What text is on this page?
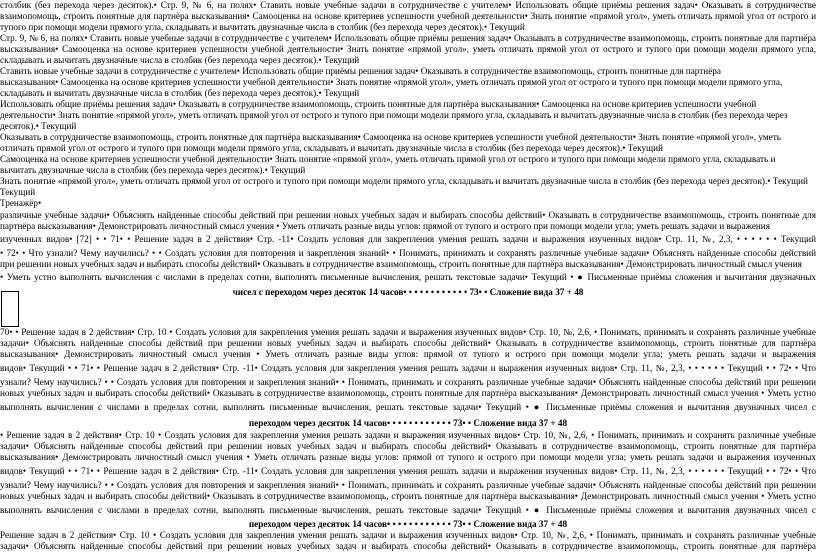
столбик (без перехода через десяток).• Стр. 9, № 6, на полях• Ставить новые учебные задачи в сотрудничестве с учителем• Использовать общие приёмы решения задач• Оказывать в сотрудничестве
взаимопомощь, строить понятные для партнёра высказывания• Самооценка на основе критериев успешности учебной деятельности• Знать понятие «прямой угол», уметь отличать прямой угол от острого и
тупого при помощи модели прямого угла, складывать и вычитать двузначные числа в столбик (без перехода через десяток).• Текущий
Стр. 9, № 6, на полях• Ставить новые учебные задачи в сотрудничестве с учителем• Использовать общие приёмы решения задач• Оказывать в сотрудничестве взаимопомощь, строить понятные для партнёра
высказывания• Самооценка на основе критериев успешности учебной деятельности• Знать понятие «прямой угол», уметь отличать прямой угол от острого и тупого при помощи модели прямого угла,
складывать и вычитать двузначные числа в столбик (без перехода через десяток).• Текущий
Ставить новые учебные задачи в сотрудничестве с учителем• Использовать общие приёмы решения задач• Оказывать в сотрудничестве взаимопомощь, строить понятные для партнёра
высказывания• Самооценка на основе критериев успешности учебной деятельности• Знать понятие «прямой угол», уметь отличать прямой угол от острого и тупого при помощи модели прямого угла,
складывать и вычитать двузначные числа в столбик (без перехода через десяток).• Текущий
Использовать общие приёмы решения задач• Оказывать в сотрудничестве взаимопомощь, строить понятные для партнёра высказывания• Самооценка на основе критериев успешности учебной
деятельности• Знать понятие «прямой угол», уметь отличать прямой угол от острого и тупого при помощи модели прямого угла, складывать и вычитать двузначные числа в столбик (без перехода через
десяток).• Текущий
Оказывать в сотрудничестве взаимопомощь, строить понятные для партнёра высказывания• Самооценка на основе критериев успешности учебной деятельности• Знать понятие «прямой угол», уметь
отличать прямой угол от острого и тупого при помощи модели прямого угла, складывать и вычитать двузначные числа в столбик (без перехода через десяток).• Текущий
Самооценка на основе критериев успешности учебной деятельности• Знать понятие «прямой угол», уметь отличать прямой угол от острого и тупого при помощи модели прямого угла, складывать и
вычитать двузначные числа в столбик (без перехода через десяток).• Текущий
Знать понятие «прямой угол», уметь отличать прямой угол от острого и тупого при помощи модели прямого угла, складывать и вычитать двузначные числа в столбик (без перехода через десяток).• Текущий
Текущий
Тренажёр•
различные учебные задачи• Объяснять найденные способы действий при решении новых учебных задач и выбирать способы действий• Оказывать в сотрудничестве взаимопомощь, строить понятные для
партнёра высказывания• Демонстрировать личностный смысл учения • Уметь отличать разные виды углов: прямой от тупого и острого при помощи модели угла; уметь решать задачи и выражения
изученных видов• [72] • • 71• • Решение задач в 2 действия• Стр. -11• Создать условия для закрепления умения решать задачи и выражения изученных видов• Стр. 11, №, 2,3, • • • • • • Текущий
• 72• • Что узнали? Чему научились? • • Создать условия для повторения и закрепления знаний• • Понимать, принимать и сохранять различные учебные задачи• Объяснять найденные способы действий
при решении новых учебных задач и выбирать способы действий• Оказывать в сотрудничестве взаимопомощь, строить понятные для партнёра высказывания• Демонстрировать личностный смысл учения
• Уметь устно выполнять вычисления с числами в пределах сотни, выполнять письменные вычисления, решать текстовые задачи• Текущий • ● Письменные приёмы сложения и вычитания двузначных
чисел с переходом через десяток 14 часов• • • • • • • • • • • • 73• • Сложение вида 37 + 48
70• • Решение задач в 2 действия• Стр. 10 • Создать условия для закрепления умения решать задачи и выражения изученных видов• Стр. 10, №, 2,6, • Понимать, принимать и сохранять различные учебные
задачи• Объяснять найденные способы действий при решении новых учебных задач и выбирать способы действий• Оказывать в сотрудничестве взаимопомощь, строить понятные для партнёра
высказывания• Демонстрировать личностный смысл учения • Уметь отличать разные виды углов: прямой от тупого и острого при помощи модели угла; уметь решать задачи и выражения
видов• Текущий • • 71• • Решение задач в 2 действия• Стр. -11• Создать условия для закрепления умения решать задачи и выражения изученных видов• Стр. 11, №, 2,3, • • • • • • Текущий • • 72• • Что
узнали? Чему научились? • • Создать условия для повторения и закрепления знаний• • Понимать, принимать и сохранять различные учебные задачи• Объяснять найденные способы действий при решении
новых учебных задач и выбирать способы действий• Оказывать в сотрудничестве взаимопомощь, строить понятные для партнёра высказывания• Демонстрировать личностный смысл учения • Уметь устно
выполнять вычисления с числами в пределах сотни, выполнять письменные вычисления, решать текстовые задачи• Текущий • ● Письменные приёмы сложения и вычитания двузначных чисел с
переходом через десяток 14 часов• • • • • • • • • • • • 73• • Сложение вида 37 + 48
• Решение задач в 2 действия• Стр. 10 • Создать условия для закрепления умения решать задачи и выражения изученных видов• Стр. 10, №, 2,6, • Понимать, принимать и сохранять различные учебные
задачи• Объяснять найденные способы действий при решении новых учебных задач и выбирать способы действий• Оказывать в сотрудничестве взаимопомощь, строить понятные для партнёра
высказывания• Демонстрировать личностный смысл учения • Уметь отличать разные виды углов: прямой от тупого и острого при помощи модели угла; уметь решать задачи и выражения изученных
видов• Текущий • • 71• • Решение задач в 2 действия• Стр. -11• Создать условия для закрепления умения решать задачи и выражения изученных видов• Стр. 11, №, 2,3, • • • • • • Текущий • • 72• • Что
узнали? Чему научились? • • Создать условия для повторения и закрепления знаний• • Понимать, принимать и сохранять различные учебные задачи• Объяснять найденные способы действий при решении
новых учебных задач и выбирать способы действий• Оказывать в сотрудничестве взаимопомощь, строить понятные для партнёра высказывания• Демонстрировать личностный смысл учения • Уметь устно
выполнять вычисления с числами в пределах сотни, выполнять письменные вычисления, решать текстовые задачи• Текущий • ● Письменные приёмы сложения и вычитания двузначных чисел с
переходом через десяток 14 часов• • • • • • • • • • • • 73• • Сложение вида 37 + 48
Решение задач в 2 действия• Стр. 10 • Создать условия для закрепления умения решать задачи и выражения изученных видов• Стр. 10, №, 2,6, • Понимать, принимать и сохранять различные учебные
задачи• Объяснять найденные способы действий при решении новых учебных задач и выбирать способы действий• Оказывать в сотрудничестве взаимопомощь, строить понятные для партнёра
